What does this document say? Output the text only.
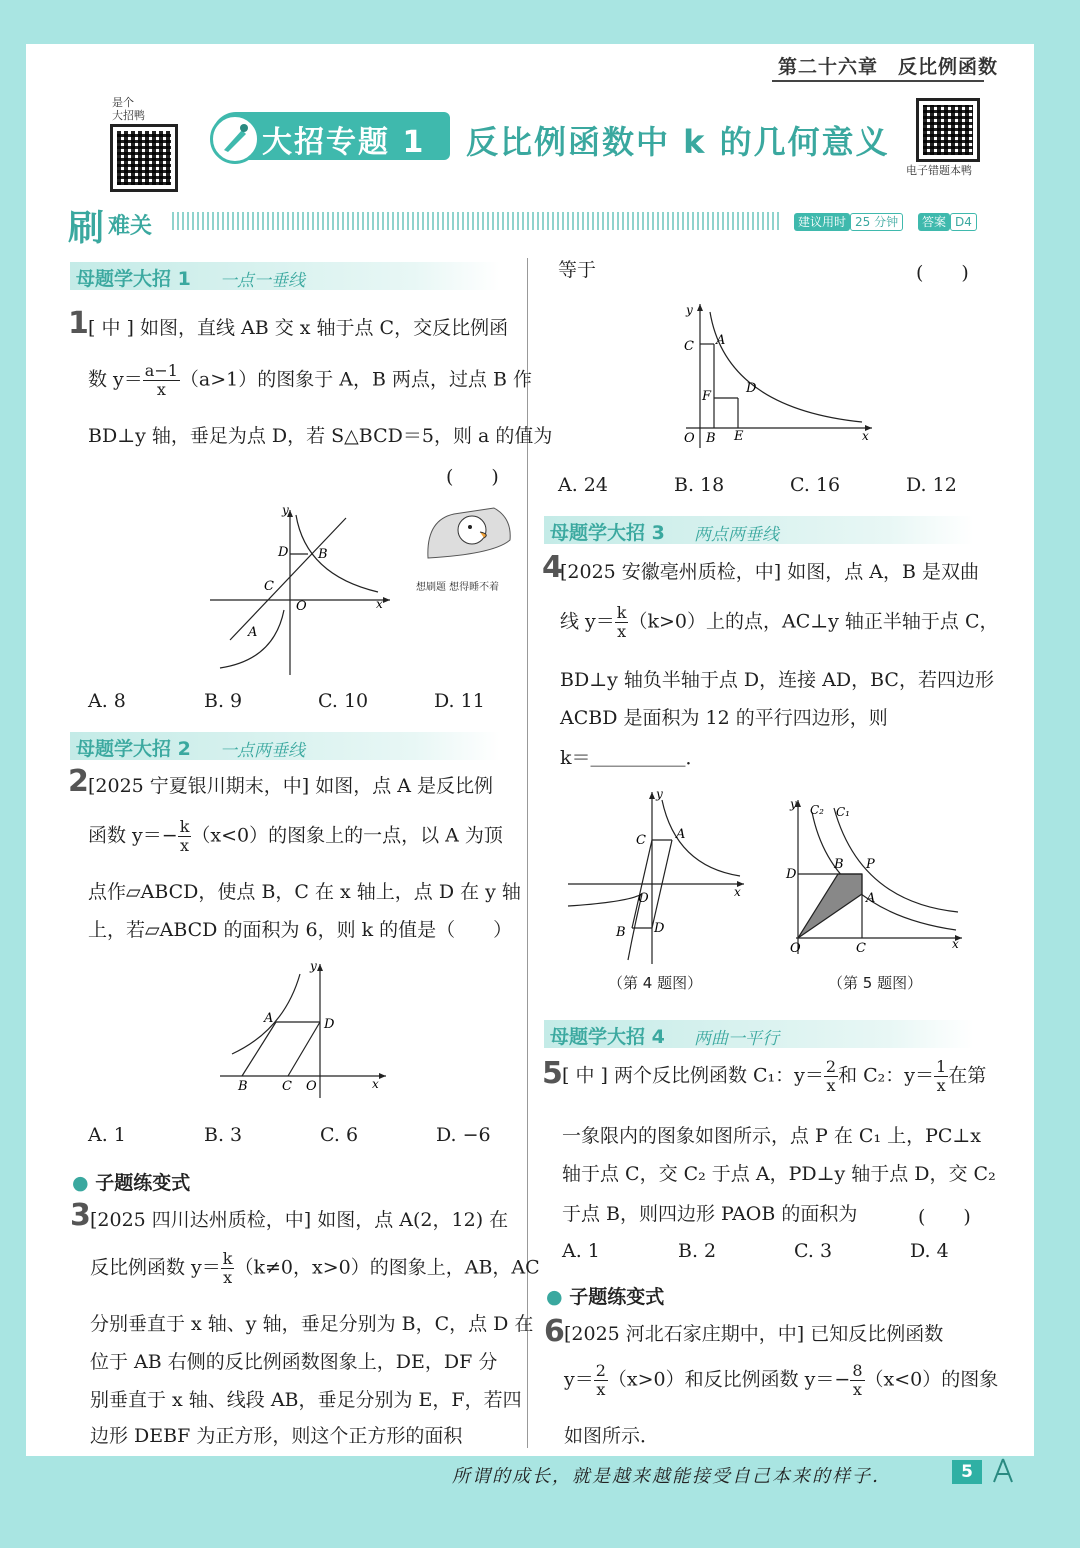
第二十六章　反比例函数
是个
大招鸭
大招专题 1 反比例函数中 k 的几何意义
电子错题本鸭
刷 难关	建议用时 25 分钟	答案 D4
母题学大招 1 一点一垂线
1 [ 中 ] 如图，直线 AB 交 x 轴于点 C，交反比例函
数 $y= \frac{a-1}{x} (a>1)$的图象于 A，B 两点，过点 B 作
BD⊥y 轴，垂足为点 D，若 S△BCD＝5，则 a 的值为
(　　)
y
x
O
D B
C
A
想刷题 想得睡不着
A. 8	B. 9	C. 10	D. 11
母题学大招 2 一点两垂线
2 [2025 宁夏银川期末，中] 如图，点 A 是反比例
函数 $y=- \frac{k}{x} (x<0)$的图象上的一点，以 A 为顶
点作▱ABCD，使点 B，C 在 x 轴上，点 D 在 y 轴
上，若▱ABCD 的面积为 6，则 k 的值是（　　）
y
x
A	D
B	C O
A. 1	B. 3	C. 6	D. −6
● 子题练变式
3 [2025 四川达州质检，中] 如图，点 A(2，12) 在
反比例函数 $y= \frac{k}{x} (k\ne 0$，x>0）的图象上，AB，AC
分别垂直于 x 轴、y 轴，垂足分别为 B，C，点 D 在
位于 AB 右侧的反比例函数图象上，DE，DF 分
别垂直于 x 轴、线段 AB，垂足分别为 E，F，若四
边形 DEBF 为正方形，则这个正方形的面积
等于	(　　)
y
x
C A
F
D
O B E
A. 24	B. 18	C. 16	D. 12
母题学大招 3 两点两垂线
4
[2025 安徽亳州质检，中] 如图，点 A，B 是双曲
线 $y= \frac{k}{x} (k>0)$上的点，AC⊥y 轴正半轴于点 C，
BD⊥y 轴负半轴于点 D，连接 AD，BC，若四边形
ACBD 是面积为 12 的平行四边形，则
k＝＿＿＿＿＿．
y
x
C A
O
B D
（第 4 题图）
y C₂ C₁
D
B P
A
O	C	x
（第 5 题图）
母题学大招 4 两曲一平行
5 [ 中 ] 两个反比例函数 C₁：$y= \frac{2}{x}$ 和 C₂：$y= \frac{1}{x}$ 在第
一象限内的图象如图所示，点 P 在 C₁ 上，PC⊥x
轴于点 C，交 C₂ 于点 A，PD⊥y 轴于点 D，交 C₂
于点 B，则四边形 PAOB 的面积为	(　　)
A. 1	B. 2	C. 3	D. 4
● 子题练变式
6 [2025 河北石家庄期中，中] 已知反比例函数
$y= \frac{2}{x} (x>0)$和反比例函数 $y=- \frac{8}{x} (x<0)$的图象
如图所示．
所谓的成长，就是越来越能接受自己本来的样子．	5
